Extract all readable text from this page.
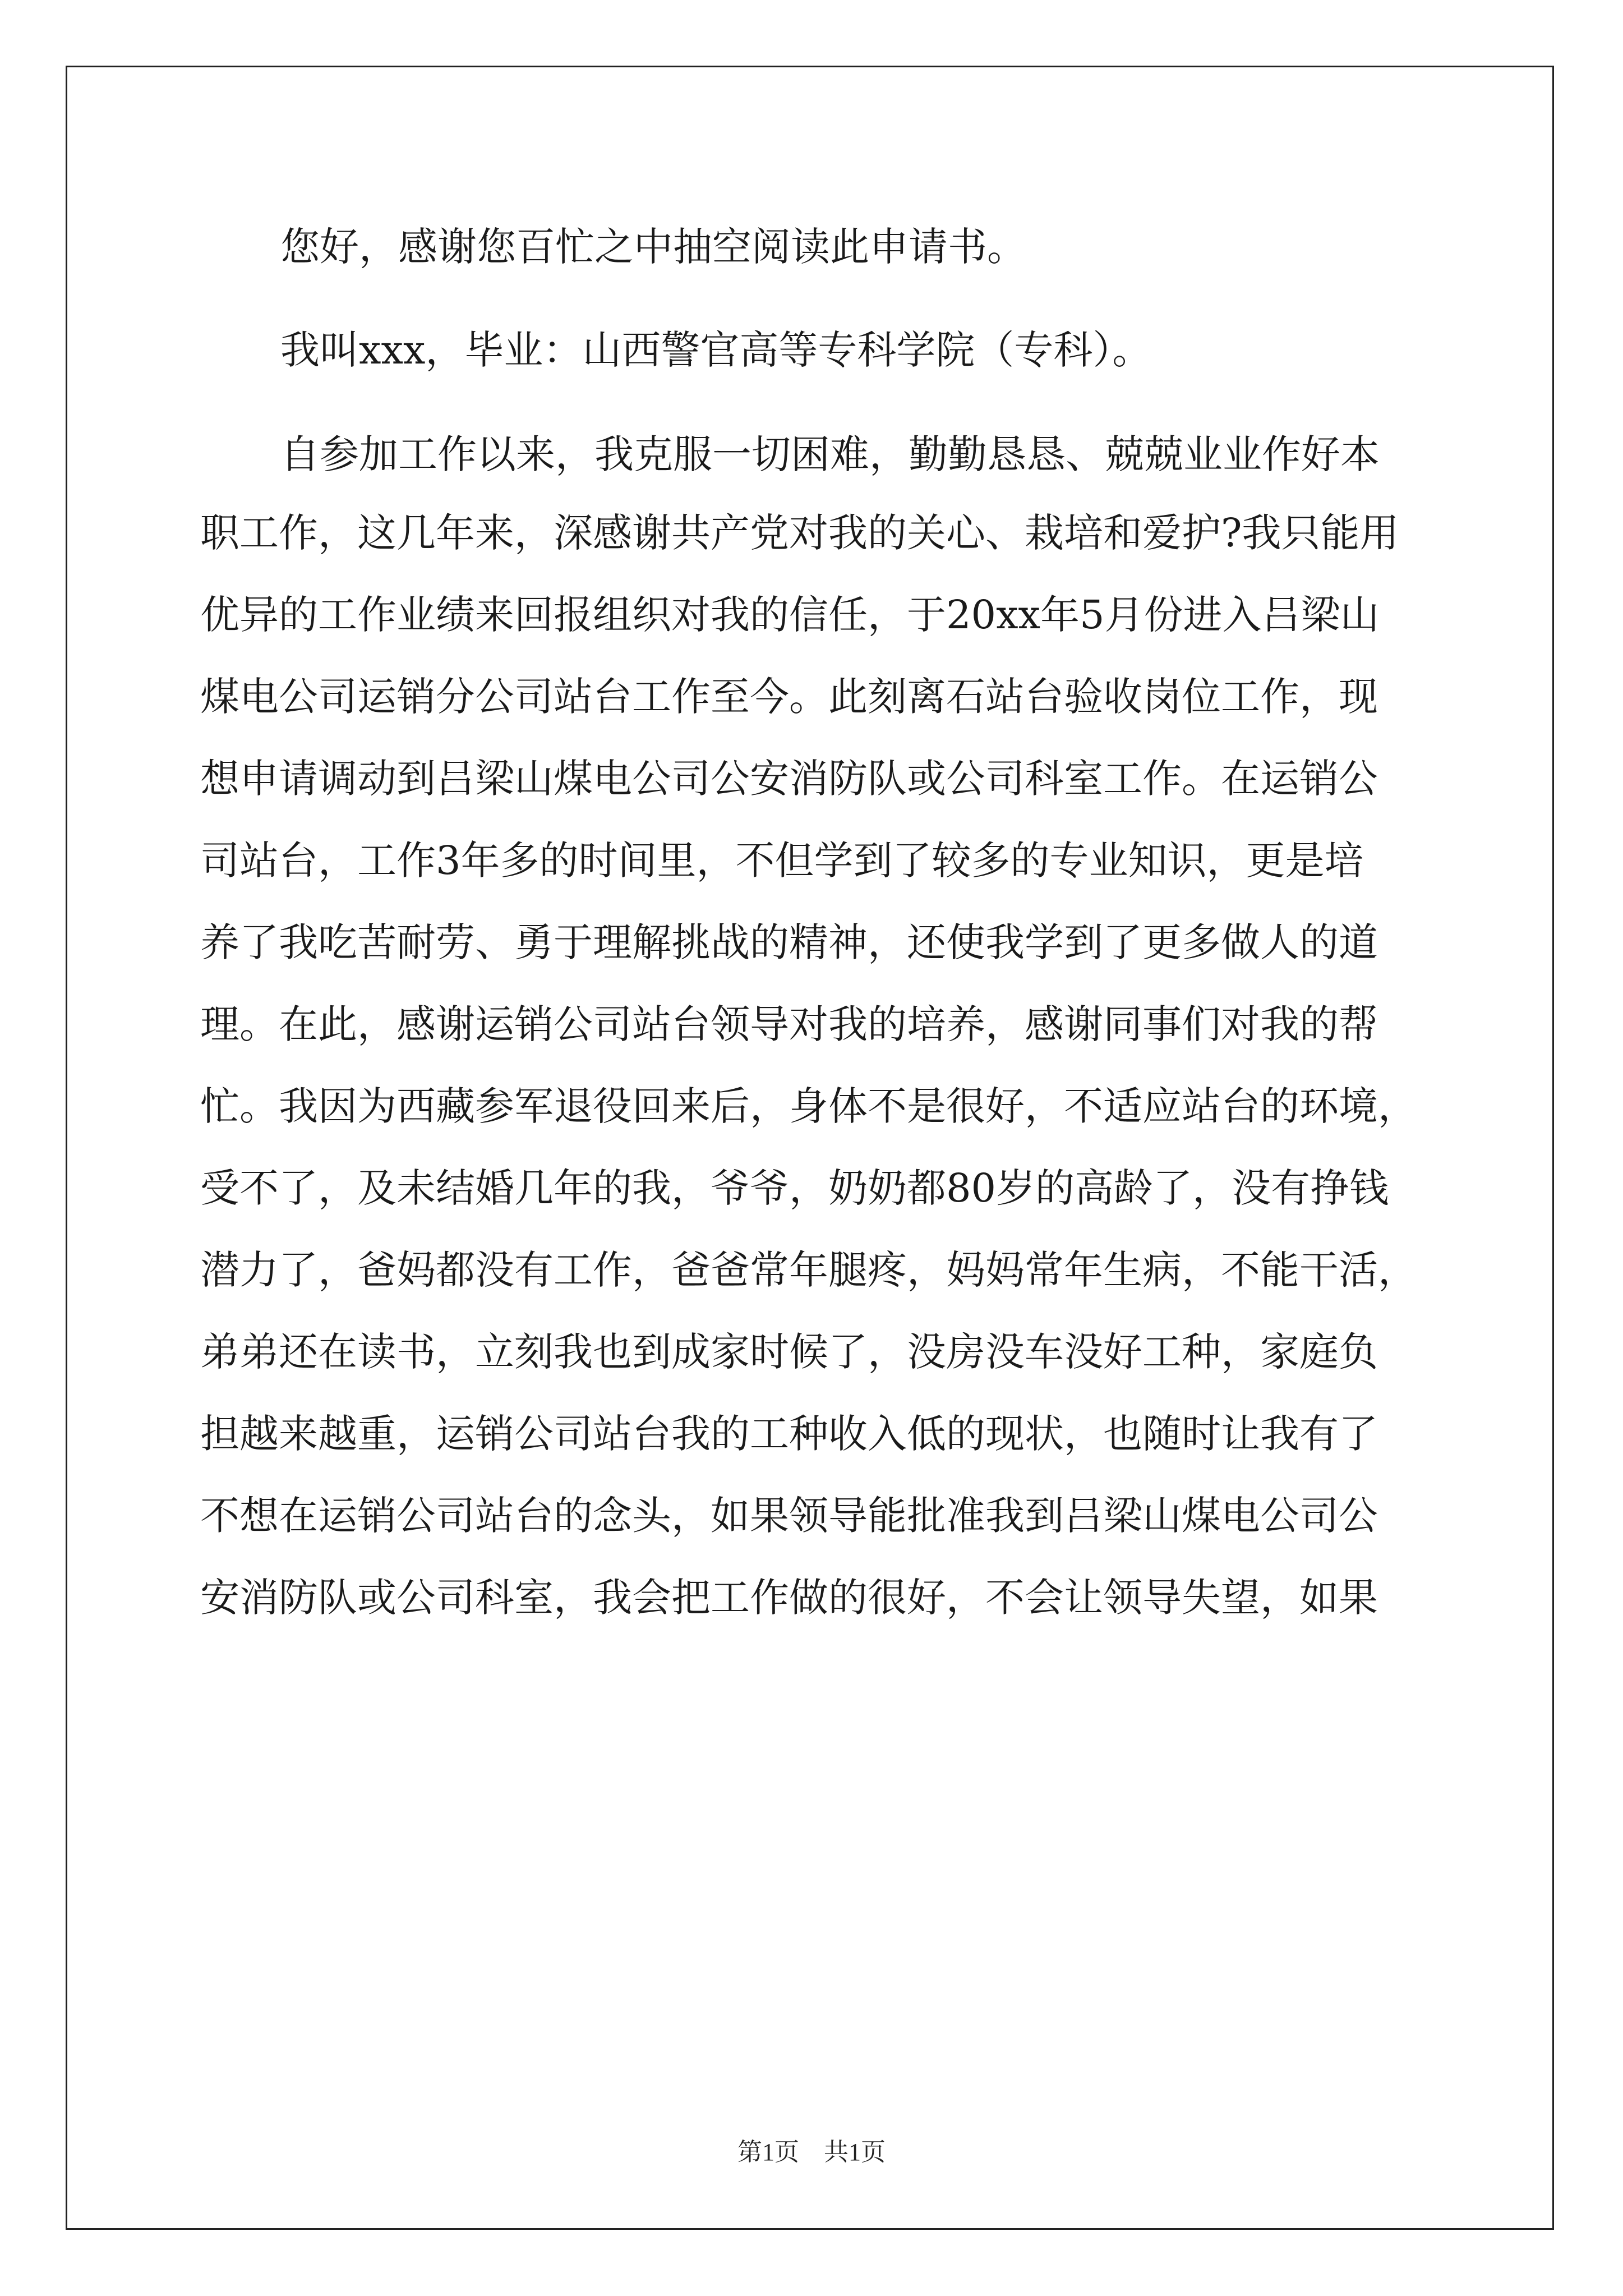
您好，感谢您百忙之中抽空阅读此申请书。
我叫xxx，毕业：山西警官高等专科学院（专科）。
自参加工作以来，我克服一切困难，勤勤恳恳、兢兢业业作好本
职工作，这几年来，深感谢共产党对我的关心、栽培和爱护?我只能用
优异的工作业绩来回报组织对我的信任，于20xx年5月份进入吕梁山
煤电公司运销分公司站台工作至今。此刻离石站台验收岗位工作，现
想申请调动到吕梁山煤电公司公安消防队或公司科室工作。在运销公
司站台，工作3年多的时间里，不但学到了较多的专业知识，更是培
养了我吃苦耐劳、勇于理解挑战的精神，还使我学到了更多做人的道
理。在此，感谢运销公司站台领导对我的培养，感谢同事们对我的帮
忙。我因为西藏参军退役回来后，身体不是很好，不适应站台的环境，
受不了，及未结婚几年的我，爷爷，奶奶都80岁的高龄了，没有挣钱
潜力了，爸妈都没有工作，爸爸常年腿疼，妈妈常年生病，不能干活，
弟弟还在读书，立刻我也到成家时候了，没房没车没好工种，家庭负
担越来越重，运销公司站台我的工种收入低的现状，也随时让我有了
不想在运销公司站台的念头，如果领导能批准我到吕梁山煤电公司公
安消防队或公司科室，我会把工作做的很好，不会让领导失望，如果
第1页　共1页
